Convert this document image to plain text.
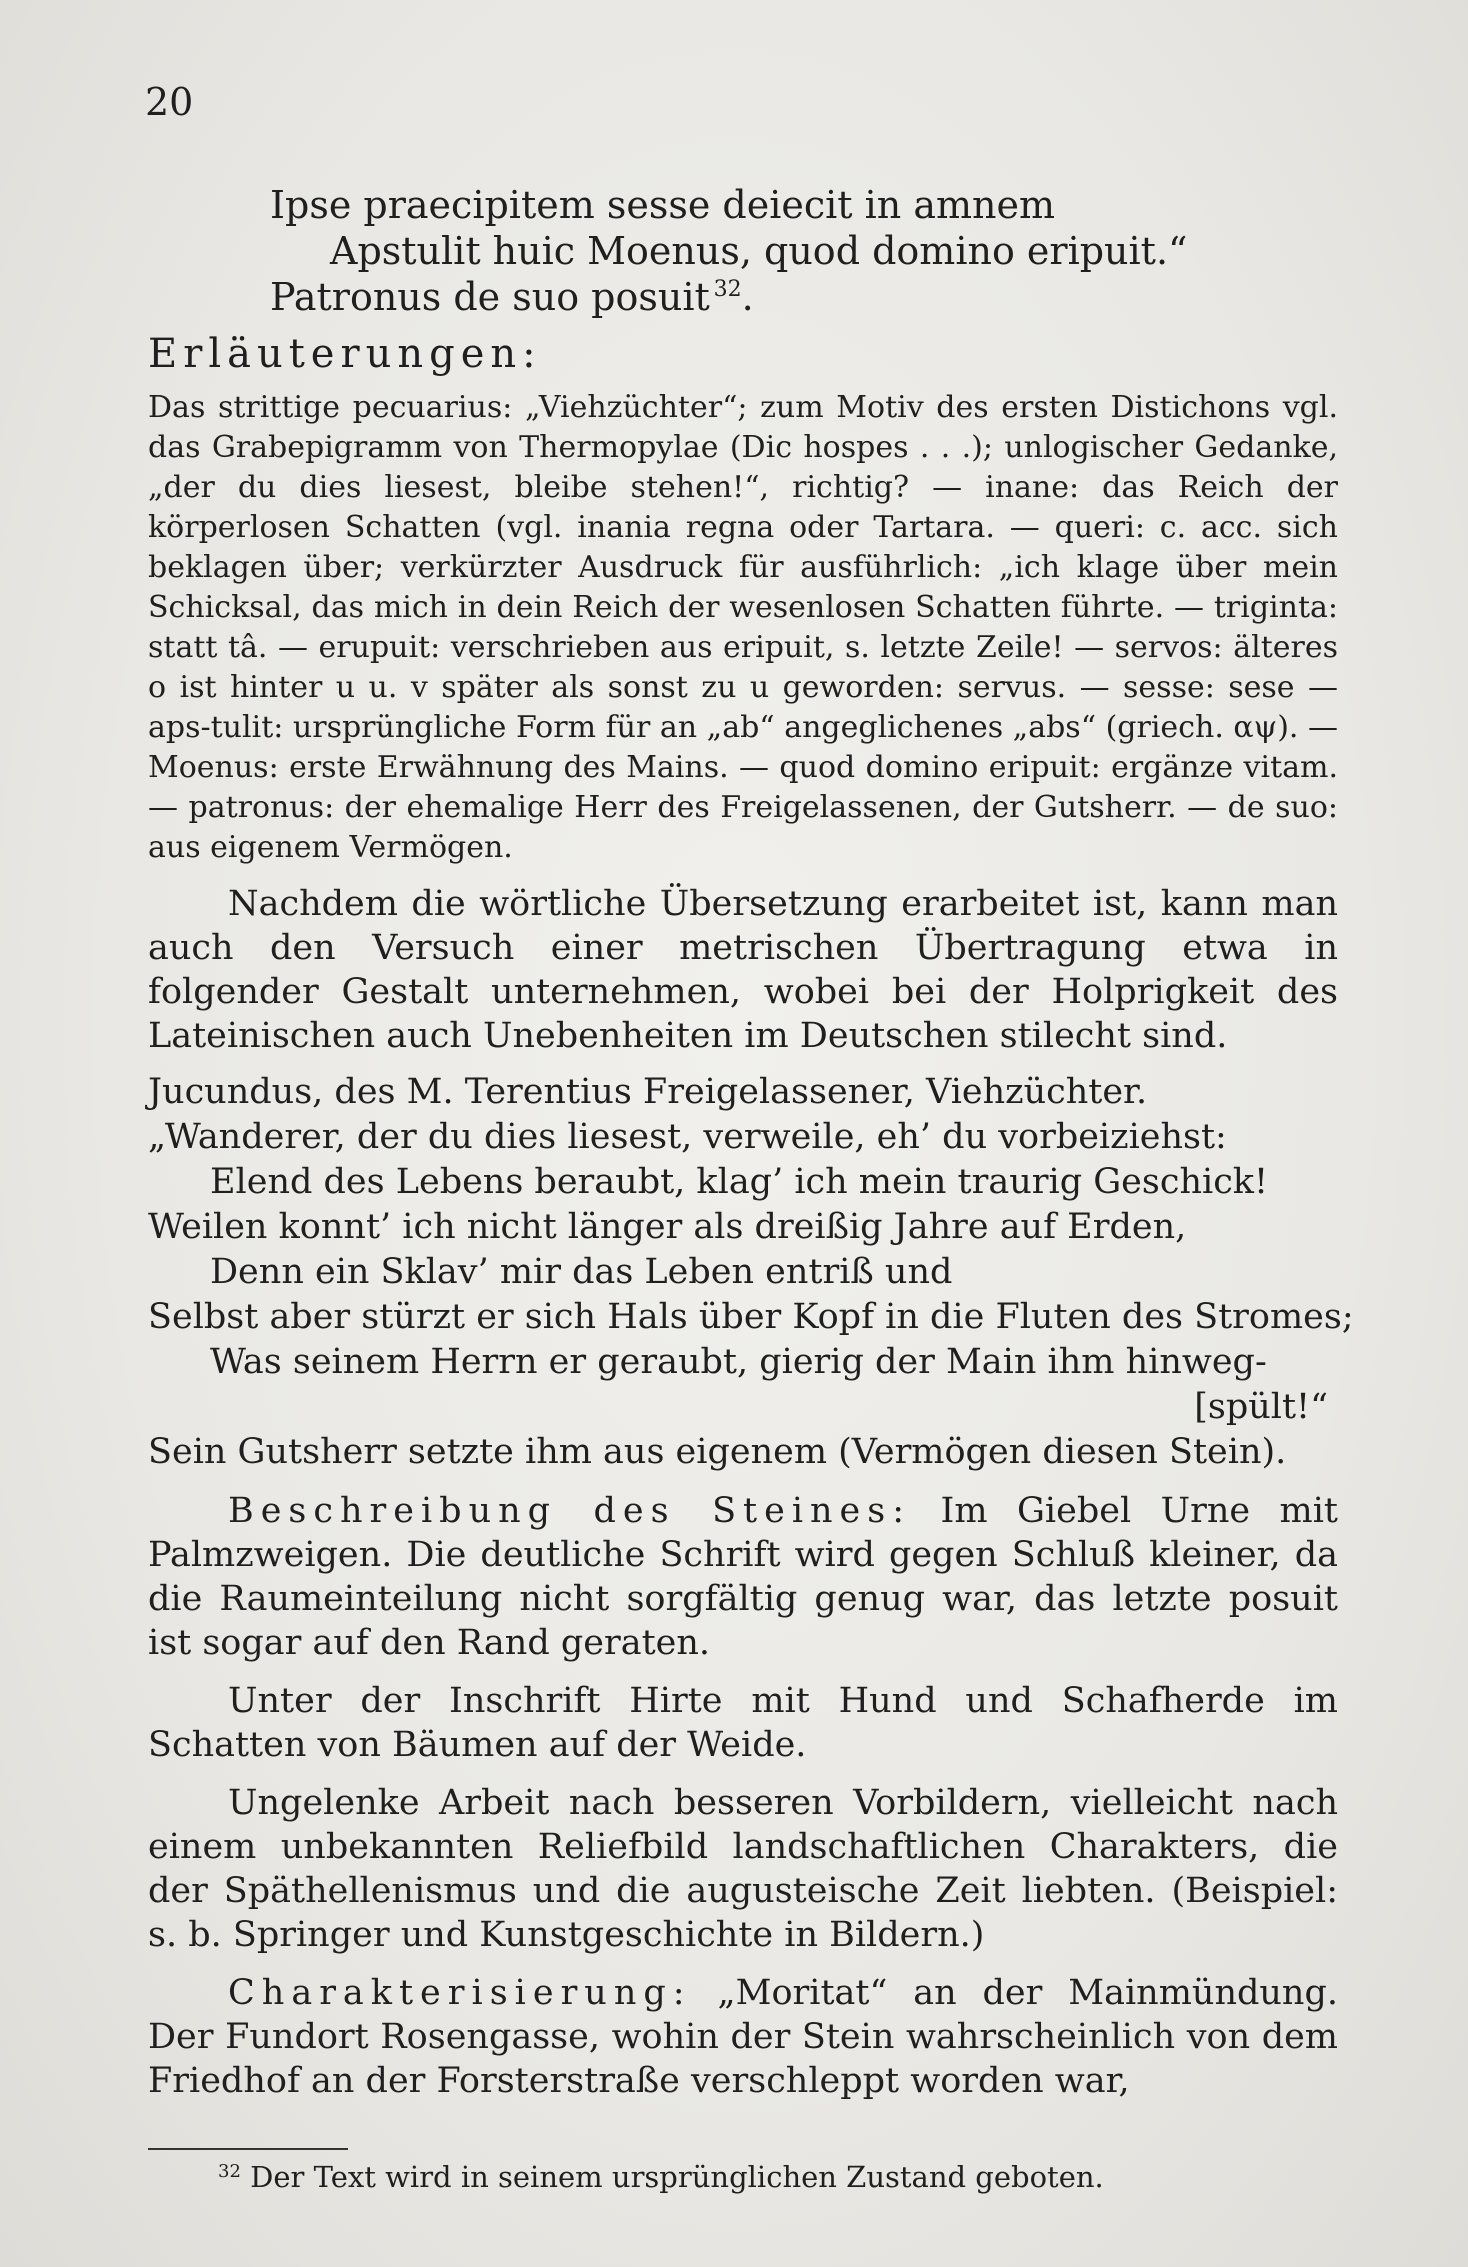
20
Ipse praecipitem sesse deiecit in amnem
Apstulit huic Moenus, quod domino eripuit.“
Patronus de suo posuit  $^{32}$.
Erläuterungen:
Das strittige pecuarius: „Viehzüchter“; zum Motiv des ersten Distichons vgl. das Grabepigramm von Thermopylae (Dic hospes . . .); unlogischer Gedanke, „der du dies liesest, bleibe stehen!“, richtig? — inane: das Reich der körperlosen Schatten (vgl. inania regna oder Tartara. — queri: c. acc. sich beklagen über; verkürzter Ausdruck für ausführlich: „ich klage über mein Schicksal, das mich in dein Reich der wesenlosen Schatten führte. — triginta: statt tâ. — erupuit: verschrieben aus eripuit, s. letzte Zeile! — servos: älteres o ist hinter u u. v später als sonst zu u geworden: servus. — sesse: sese — aps-tulit: ursprüngliche Form für an „ab“ angeglichenes „abs“ (griech. αψ). — Moenus: erste Erwähnung des Mains. — quod domino eripuit: ergänze vitam. — patronus: der ehemalige Herr des Freigelassenen, der Gutsherr. — de suo: aus eigenem Vermögen.
Nachdem die wörtliche Übersetzung erarbeitet ist, kann man auch den Versuch einer metrischen Übertragung etwa in folgender Gestalt unternehmen, wobei bei der Holprigkeit des Lateinischen auch Unebenheiten im Deutschen stilecht sind.
Jucundus, des M. Terentius Freigelassener, Viehzüchter.
„Wanderer, der du dies liesest, verweile, eh’ du vorbeiziehst:
Elend des Lebens beraubt, klag’ ich mein traurig Geschick!
Weilen konnt’ ich nicht länger als dreißig Jahre auf Erden,
Denn ein Sklav’ mir das Leben entriß und
Selbst aber stürzt er sich Hals über Kopf in die Fluten des Stromes;
Was seinem Herrn er geraubt, gierig der Main ihm hinweg-
[spült!“
Sein Gutsherr setzte ihm aus eigenem (Vermögen diesen Stein).
Beschreibung des Steines: Im Giebel Urne mit Palmzweigen. Die deutliche Schrift wird gegen Schluß kleiner, da die Raumeinteilung nicht sorgfältig genug war, das letzte posuit ist sogar auf den Rand geraten.
Unter der Inschrift Hirte mit Hund und Schafherde im Schatten von Bäumen auf der Weide.
Ungelenke Arbeit nach besseren Vorbildern, vielleicht nach einem unbekannten Reliefbild landschaftlichen Charakters, die der Späthellenismus und die augusteische Zeit liebten. (Beispiel: s. b. Springer und Kunstgeschichte in Bildern.)
Charakterisierung: „Moritat“ an der Mainmündung. Der Fundort Rosengasse, wohin der Stein wahrscheinlich von dem Friedhof an der Forsterstraße verschleppt worden war,
$^{32}$ Der Text wird in seinem ursprünglichen Zustand geboten.
